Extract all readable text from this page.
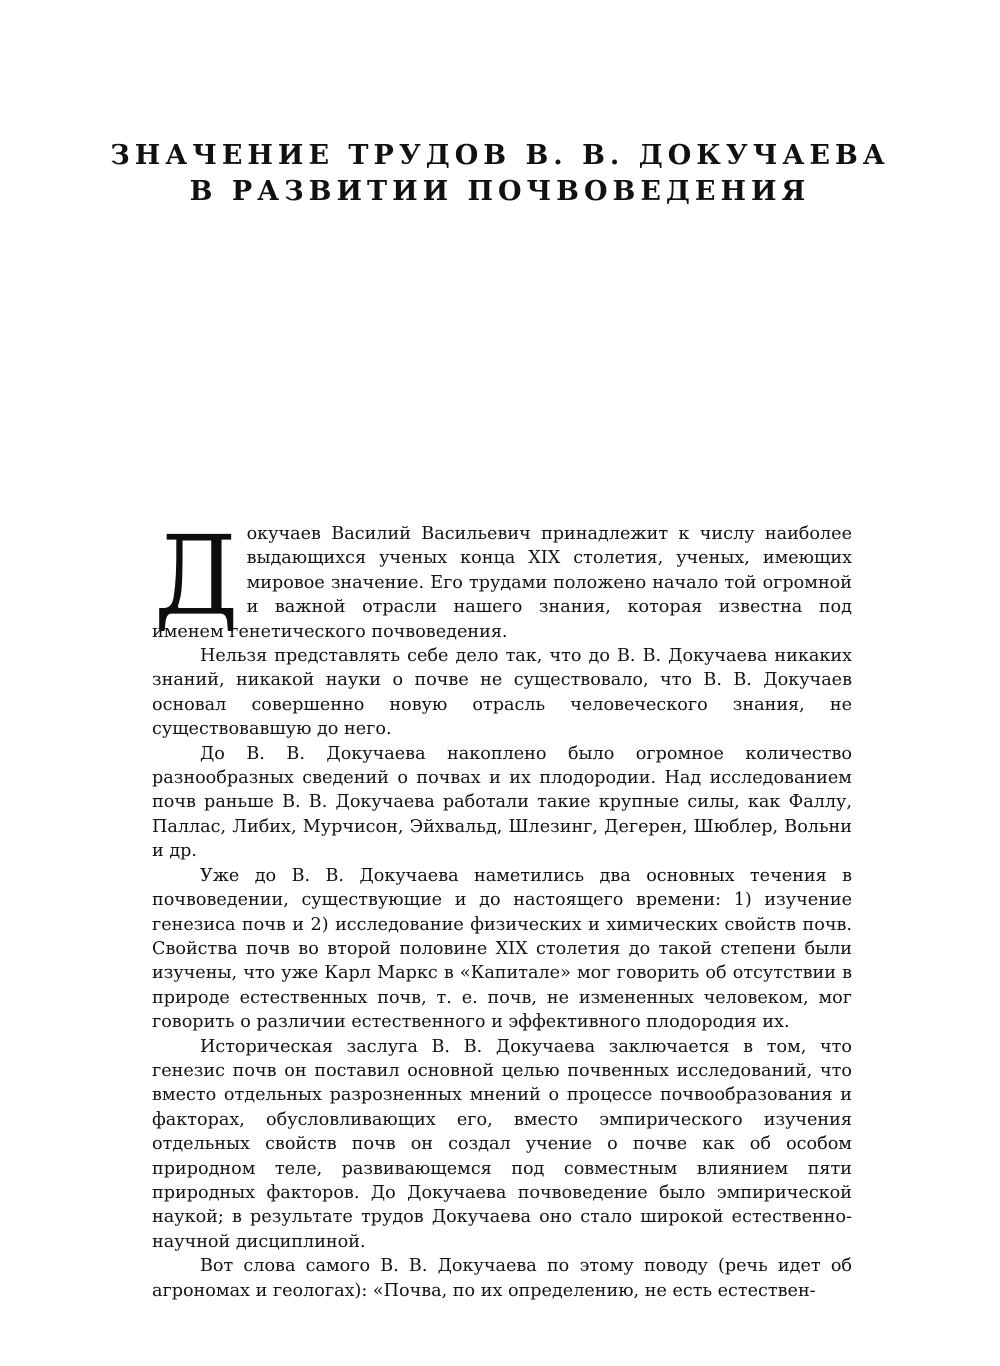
ЗНАЧЕНИЕ ТРУДОВ В. В. ДОКУЧАЕВА
В РАЗВИТИИ ПОЧВОВЕДЕНИЯ

Докучаев Василий Васильевич принадлежит к числу наиболее выдающихся ученых конца XIX столетия, ученых, имеющих мировое значение. Его трудами положено начало той огромной и важной отрасли нашего знания, которая известна под именем генетического почвоведения.

Нельзя представлять себе дело так, что до В. В. Докучаева никаких знаний, никакой науки о почве не существовало, что В. В. Докучаев основал совершенно новую отрасль человеческого знания, не существовавшую до него.

До В. В. Докучаева накоплено было огромное количество разнообразных сведений о почвах и их плодородии. Над исследованием почв раньше В. В. Докучаева работали такие крупные силы, как Фаллу, Паллас, Либих, Мурчисон, Эйхвальд, Шлезинг, Дегерен, Шюблер, Вольни и др.

Уже до В. В. Докучаева наметились два основных течения в почвоведении, существующие и до настоящего времени: 1) изучение генезиса почв и 2) исследование физических и химических свойств почв. Свойства почв во второй половине XIX столетия до такой степени были изучены, что уже Карл Маркс в «Капитале» мог говорить об отсутствии в природе естественных почв, т. е. почв, не измененных человеком, мог говорить о различии естественного и эффективного плодородия их.

Историческая заслуга В. В. Докучаева заключается в том, что генезис почв он поставил основной целью почвенных исследований, что вместо отдельных разрозненных мнений о процессе почвообразования и факторах, обусловливающих его, вместо эмпирического изучения отдельных свойств почв он создал учение о почве как об особом природном теле, развивающемся под совместным влиянием пяти природных факторов. До Докучаева почвоведение было эмпирической наукой; в результате трудов Докучаева оно стало широкой естественно-научной дисциплиной.

Вот слова самого В. В. Докучаева по этому поводу (речь идет об агрономах и геологах): «Почва, по их определению, не есть естествен-
